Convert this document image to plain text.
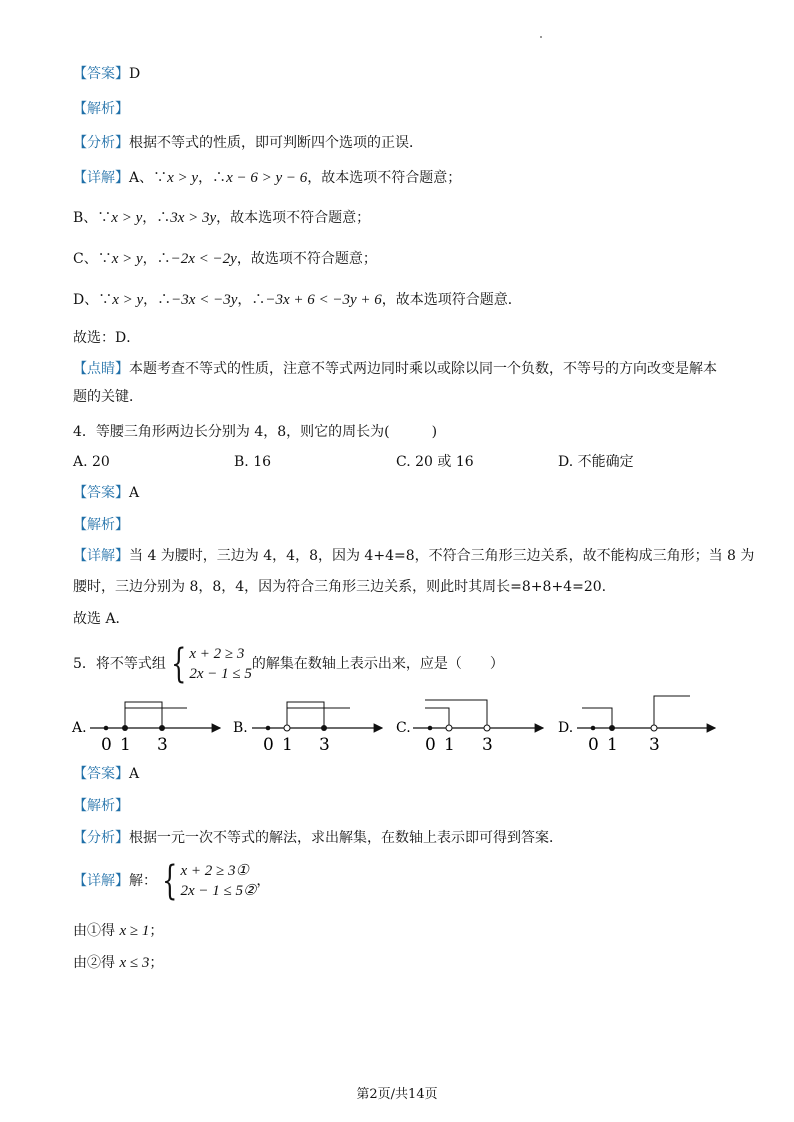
【答案】D
【解析】
【分析】根据不等式的性质，即可判断四个选项的正误．
【详解】A、∵x > y，∴x − 6 > y − 6，故本选项不符合题意；
B、∵x > y，∴3x > 3y，故本选项不符合题意；
C、∵x > y，∴−2x < −2y，故选项不符合题意；
D、∵x > y，∴−3x < −3y，∴−3x + 6 < −3y + 6，故本选项符合题意．
故选：D．
【点睛】本题考查不等式的性质，注意不等式两边同时乘以或除以同一个负数，不等号的方向改变是解本
题的关键．
4．等腰三角形两边长分别为 4，8，则它的周长为(　　　)
A. 20	B. 16	C. 20 或 16	D. 不能确定
【答案】A
【解析】
【详解】当 4 为腰时，三边为 4，4，8，因为 4+4=8，不符合三角形三边关系，故不能构成三角形；当 8 为
腰时，三边分别为 8，8，4，因为符合三角形三边关系，则此时其周长=8+8+4=20.
故选 A．
5．将不等式组 { x + 2 ≥ 3
2x − 1 ≤ 5
的解集在数轴上表示出来，应是（　　）
A.
0 1 3
B.
0 1 3
C.
0 1 3
D.
0 1 3
【答案】A
【解析】
【分析】根据一元一次不等式的解法，求出解集，在数轴上表示即可得到答案．
【详解】解： { x + 2 ≥ 3①
2x − 1 ≤ 5②
，
由①得 x ≥ 1；
由②得 x ≤ 3；
第2页/共14页
